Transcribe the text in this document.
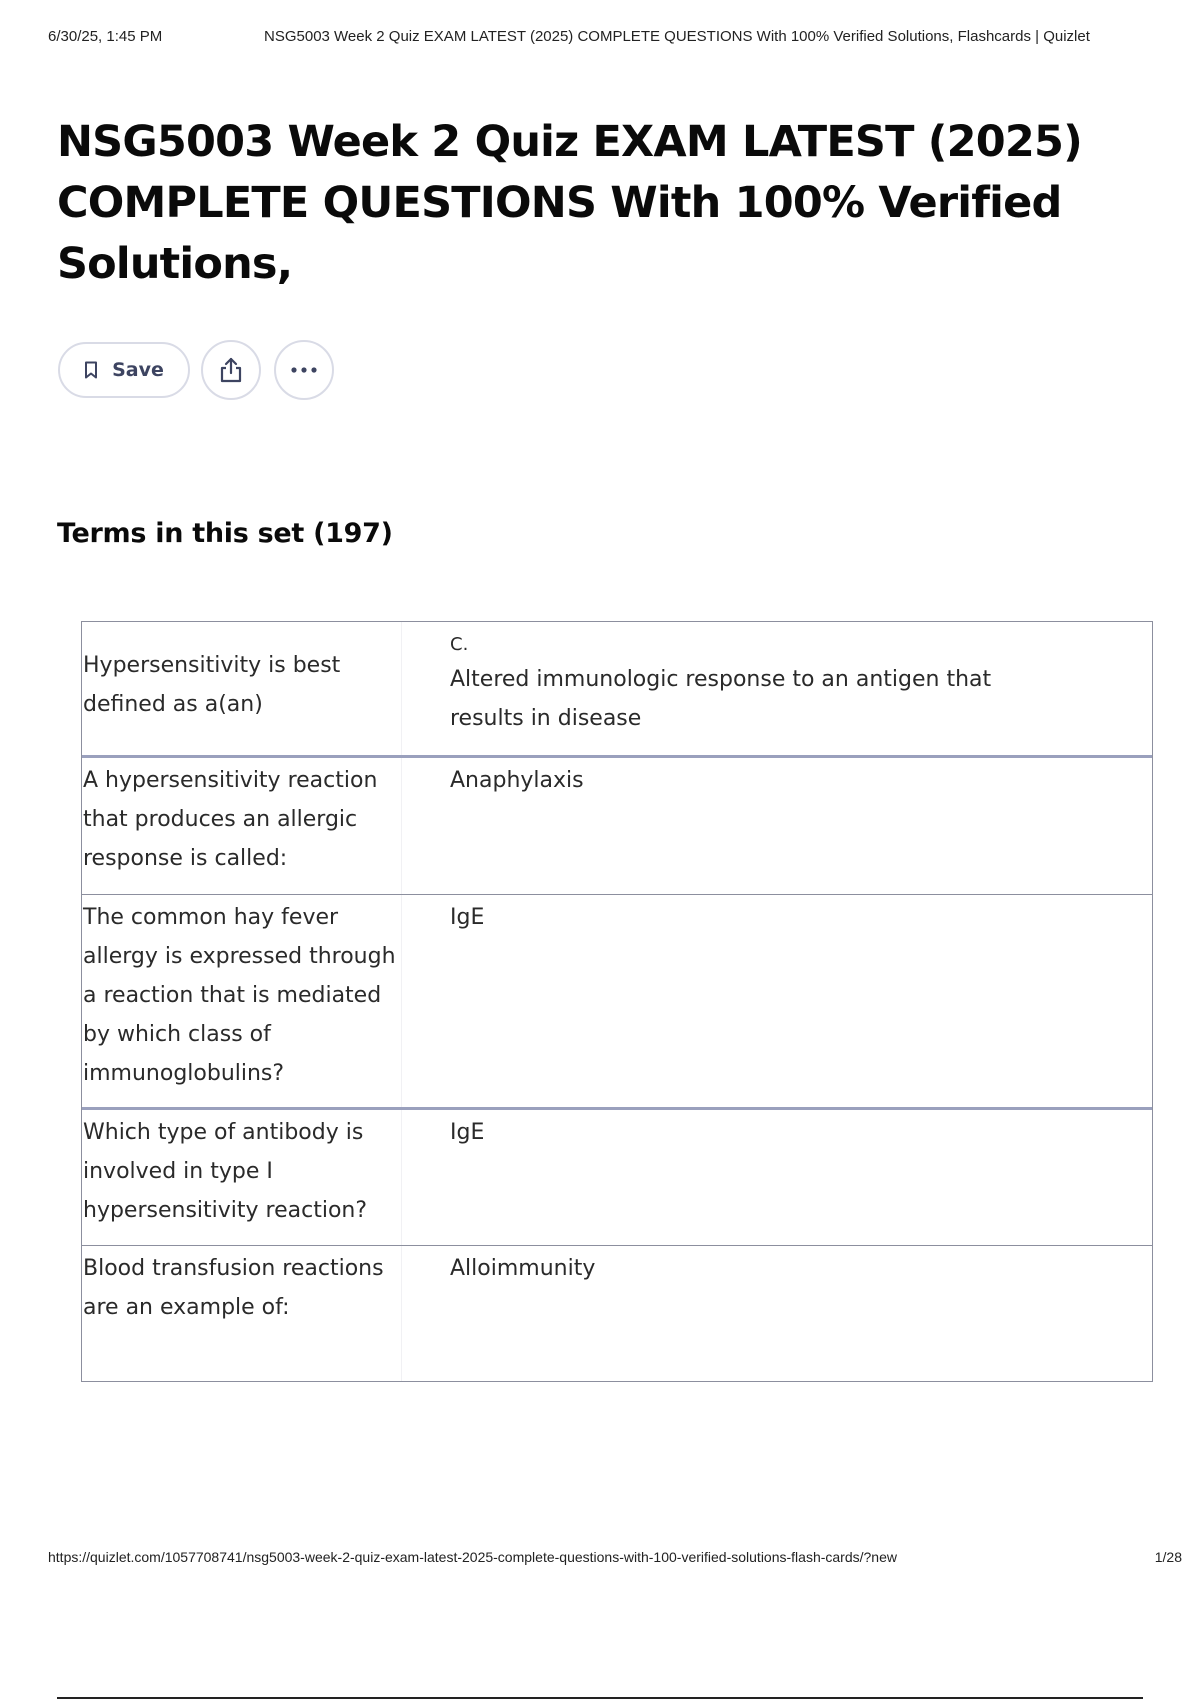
6/30/25, 1:45 PM	NSG5003 Week 2 Quiz EXAM LATEST (2025) COMPLETE QUESTIONS With 100% Verified Solutions, Flashcards | Quizlet
NSG5003 Week 2 Quiz EXAM LATEST (2025) COMPLETE QUESTIONS With 100% Verified Solutions,
Save
Terms in this set (197)
Hypersensitivity is best defined as a(an)
C.
Altered immunologic response to an antigen that results in disease
A hypersensitivity reaction that produces an allergic response is called:
Anaphylaxis
The common hay fever allergy is expressed through a reaction that is mediated by which class of immunoglobulins?
IgE
Which type of antibody is involved in type I hypersensitivity reaction?
IgE
Blood transfusion reactions are an example of:
Alloimmunity
https://quizlet.com/1057708741/nsg5003-week-2-quiz-exam-latest-2025-complete-questions-with-100-verified-solutions-flash-cards/?new	1/28
